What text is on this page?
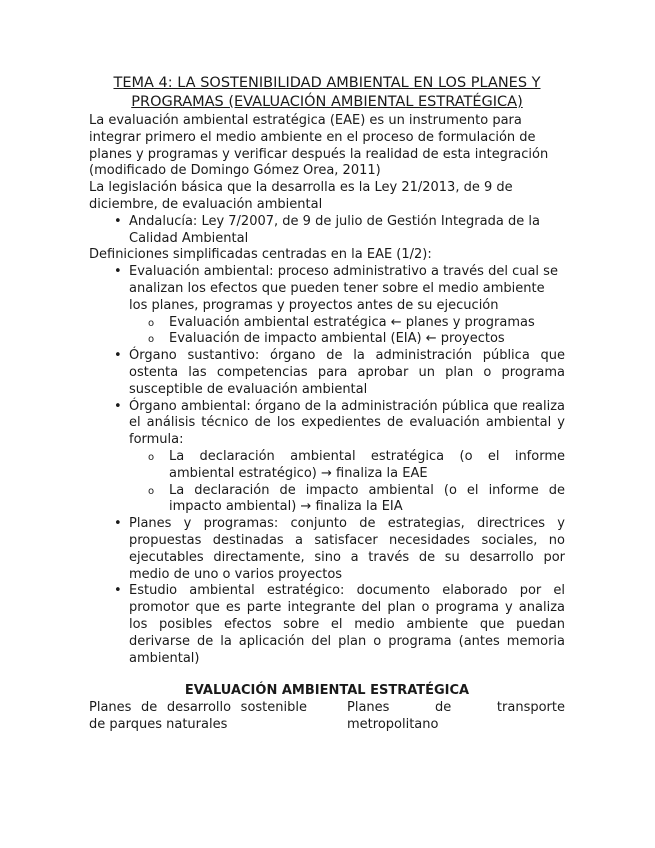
TEMA 4: LA SOSTENIBILIDAD AMBIENTAL EN LOS PLANES Y PROGRAMAS (EVALUACIÓN AMBIENTAL ESTRATÉGICA)

La evaluación ambiental estratégica (EAE) es un instrumento para integrar primero el medio ambiente en el proceso de formulación de planes y programas y verificar después la realidad de esta integración (modificado de Domingo Gómez Orea, 2011)

La legislación básica que la desarrolla es la Ley 21/2013, de 9 de diciembre, de evaluación ambiental

• Andalucía: Ley 7/2007, de 9 de julio de Gestión Integrada de la Calidad Ambiental

Definiciones simplificadas centradas en la EAE (1/2):

• Evaluación ambiental: proceso administrativo a través del cual se analizan los efectos que pueden tener sobre el medio ambiente los planes, programas y proyectos antes de su ejecución
o Evaluación ambiental estratégica ← planes y programas
o Evaluación de impacto ambiental (EIA) ← proyectos
• Órgano sustantivo: órgano de la administración pública que ostenta las competencias para aprobar un plan o programa susceptible de evaluación ambiental
• Órgano ambiental: órgano de la administración pública que realiza el análisis técnico de los expedientes de evaluación ambiental y formula:
o La declaración ambiental estratégica (o el informe ambiental estratégico) → finaliza la EAE
o La declaración de impacto ambiental (o el informe de impacto ambiental) → finaliza la EIA
• Planes y programas: conjunto de estrategias, directrices y propuestas destinadas a satisfacer necesidades sociales, no ejecutables directamente, sino a través de su desarrollo por medio de uno o varios proyectos
• Estudio ambiental estratégico: documento elaborado por el promotor que es parte integrante del plan o programa y analiza los posibles efectos sobre el medio ambiente que puedan derivarse de la aplicación del plan o programa (antes memoria ambiental)
EVALUACIÓN AMBIENTAL ESTRATÉGICA
Planes de desarrollo sostenible
de parques naturales
Planes de transporte
metropolitano
